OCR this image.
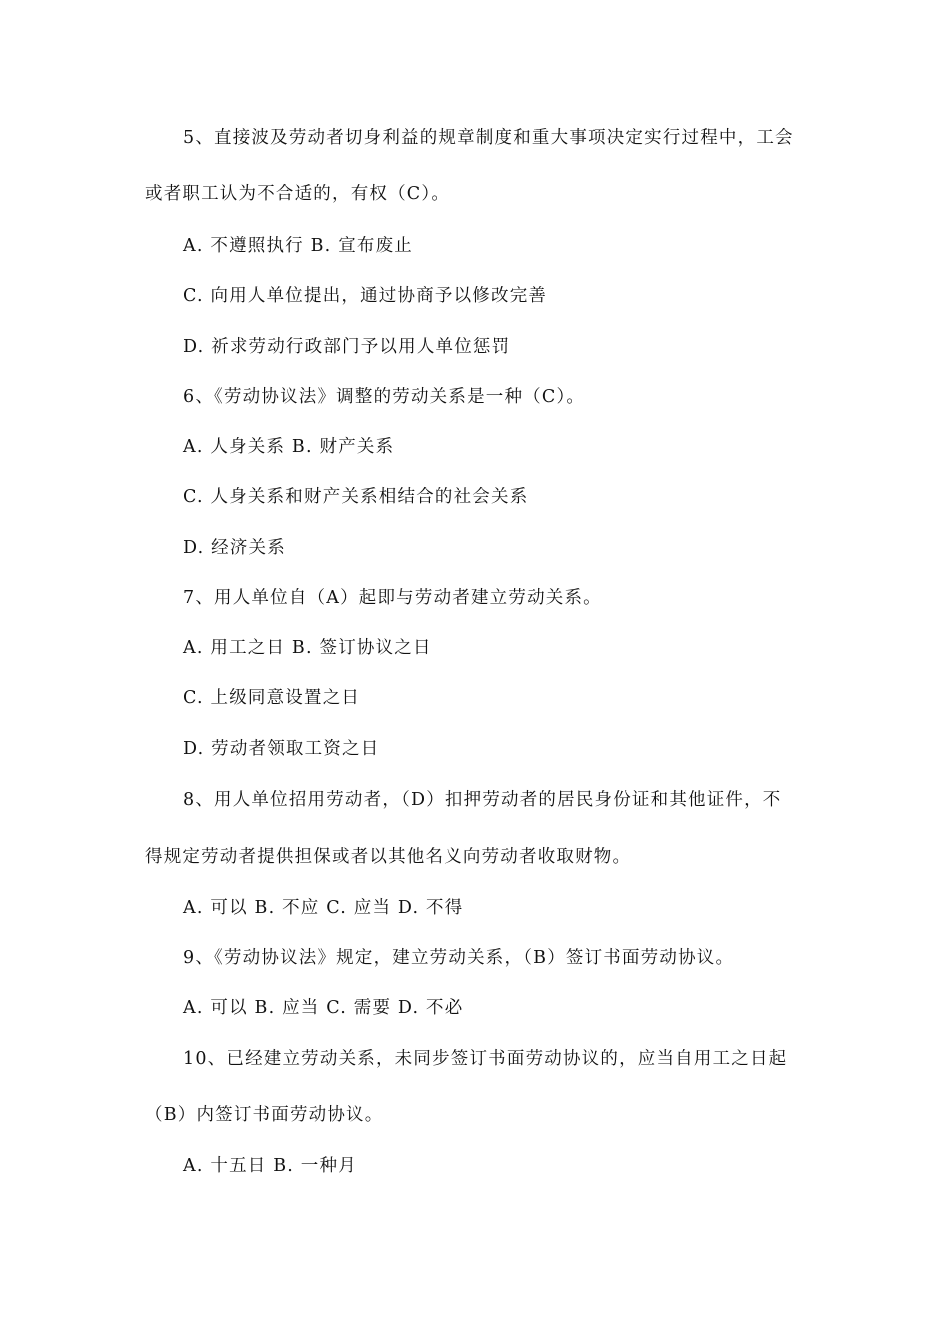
5、直接波及劳动者切身利益的规章制度和重大事项决定实行过程中，工会
或者职工认为不合适的，有权（C）。
A. 不遵照执行 B. 宣布废止
C. 向用人单位提出，通过协商予以修改完善
D. 祈求劳动行政部门予以用人单位惩罚
6、《劳动协议法》调整的劳动关系是一种（C）。
A. 人身关系 B. 财产关系
C. 人身关系和财产关系相结合的社会关系
D. 经济关系
7、用人单位自（A）起即与劳动者建立劳动关系。
A. 用工之日 B. 签订协议之日
C. 上级同意设置之日
D. 劳动者领取工资之日
8、用人单位招用劳动者，（D）扣押劳动者的居民身份证和其他证件，不
得规定劳动者提供担保或者以其他名义向劳动者收取财物。
A. 可以 B. 不应 C. 应当 D. 不得
9、《劳动协议法》规定，建立劳动关系，（B）签订书面劳动协议。
A. 可以 B. 应当 C. 需要 D. 不必
10、已经建立劳动关系，未同步签订书面劳动协议的，应当自用工之日起
（B）内签订书面劳动协议。
A. 十五日 B. 一种月
